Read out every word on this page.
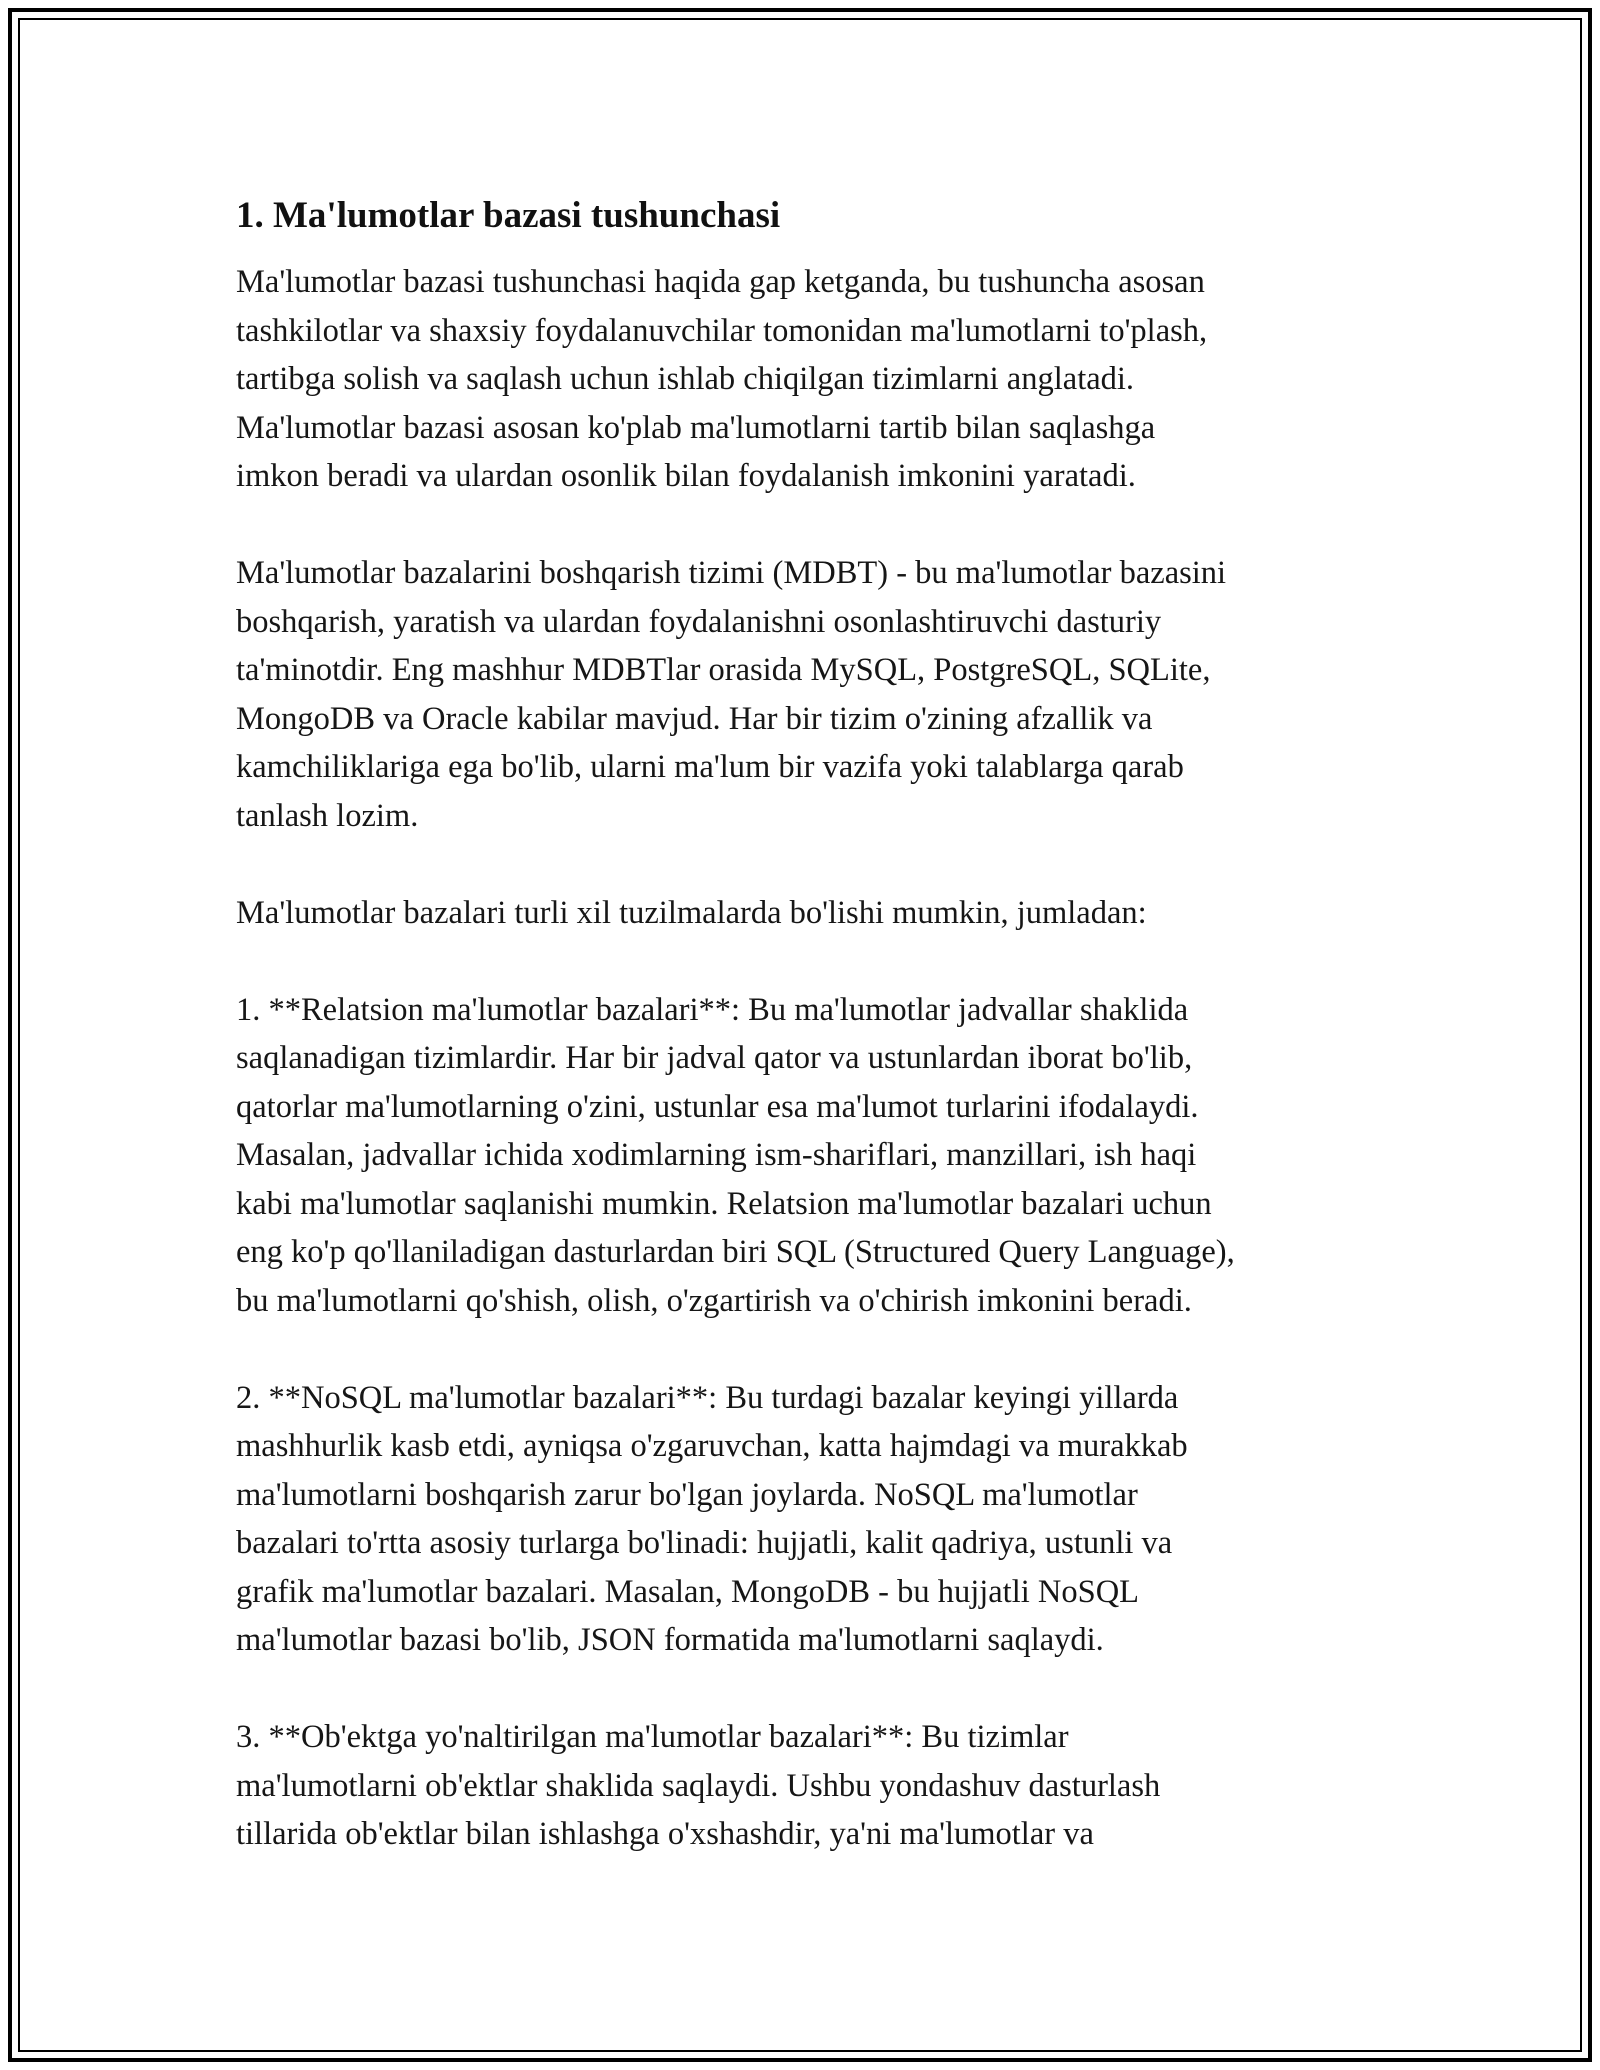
1. Ma'lumotlar bazasi tushunchasi

Ma'lumotlar bazasi tushunchasi haqida gap ketganda, bu tushuncha asosan
tashkilotlar va shaxsiy foydalanuvchilar tomonidan ma'lumotlarni to'plash,
tartibga solish va saqlash uchun ishlab chiqilgan tizimlarni anglatadi.
Ma'lumotlar bazasi asosan ko'plab ma'lumotlarni tartib bilan saqlashga
imkon beradi va ulardan osonlik bilan foydalanish imkonini yaratadi.

Ma'lumotlar bazalarini boshqarish tizimi (MDBT) - bu ma'lumotlar bazasini
boshqarish, yaratish va ulardan foydalanishni osonlashtiruvchi dasturiy
ta'minotdir. Eng mashhur MDBTlar orasida MySQL, PostgreSQL, SQLite,
MongoDB va Oracle kabilar mavjud. Har bir tizim o'zining afzallik va
kamchiliklariga ega bo'lib, ularni ma'lum bir vazifa yoki talablarga qarab
tanlash lozim.

Ma'lumotlar bazalari turli xil tuzilmalarda bo'lishi mumkin, jumladan:

1. **Relatsion ma'lumotlar bazalari**: Bu ma'lumotlar jadvallar shaklida
saqlanadigan tizimlardir. Har bir jadval qator va ustunlardan iborat bo'lib,
qatorlar ma'lumotlarning o'zini, ustunlar esa ma'lumot turlarini ifodalaydi.
Masalan, jadvallar ichida xodimlarning ism-shariflari, manzillari, ish haqi
kabi ma'lumotlar saqlanishi mumkin. Relatsion ma'lumotlar bazalari uchun
eng ko'p qo'llaniladigan dasturlardan biri SQL (Structured Query Language),
bu ma'lumotlarni qo'shish, olish, o'zgartirish va o'chirish imkonini beradi.

2. **NoSQL ma'lumotlar bazalari**: Bu turdagi bazalar keyingi yillarda
mashhurlik kasb etdi, ayniqsa o'zgaruvchan, katta hajmdagi va murakkab
ma'lumotlarni boshqarish zarur bo'lgan joylarda. NoSQL ma'lumotlar
bazalari to'rtta asosiy turlarga bo'linadi: hujjatli, kalit qadriya, ustunli va
grafik ma'lumotlar bazalari. Masalan, MongoDB - bu hujjatli NoSQL
ma'lumotlar bazasi bo'lib, JSON formatida ma'lumotlarni saqlaydi.

3. **Ob'ektga yo'naltirilgan ma'lumotlar bazalari**: Bu tizimlar
ma'lumotlarni ob'ektlar shaklida saqlaydi. Ushbu yondashuv dasturlash
tillarida ob'ektlar bilan ishlashga o'xshashdir, ya'ni ma'lumotlar va
